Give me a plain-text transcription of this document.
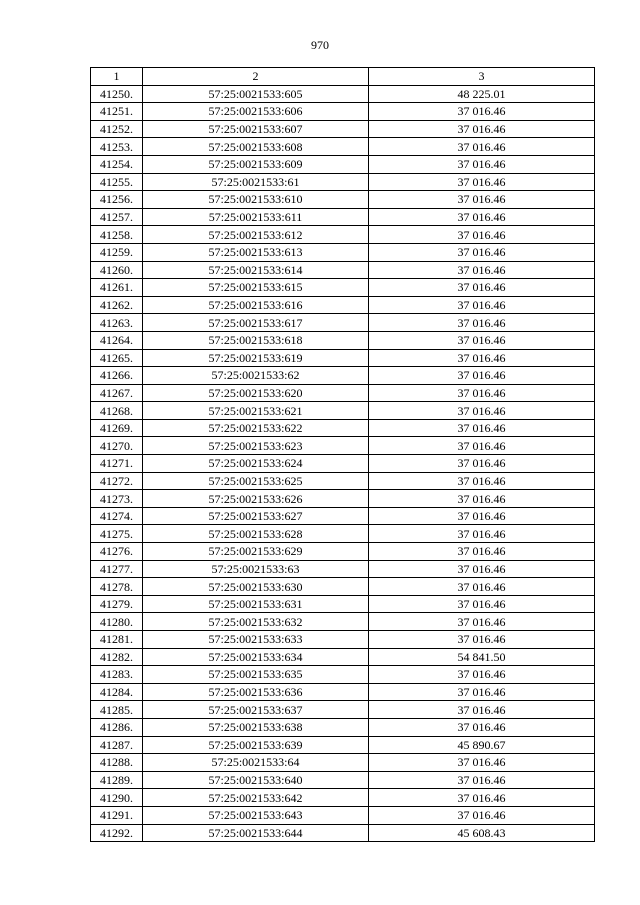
970
1	2	3
41250.	57:25:0021533:605	48 225.01
41251.	57:25:0021533:606	37 016.46
41252.	57:25:0021533:607	37 016.46
41253.	57:25:0021533:608	37 016.46
41254.	57:25:0021533:609	37 016.46
41255.	57:25:0021533:61	37 016.46
41256.	57:25:0021533:610	37 016.46
41257.	57:25:0021533:611	37 016.46
41258.	57:25:0021533:612	37 016.46
41259.	57:25:0021533:613	37 016.46
41260.	57:25:0021533:614	37 016.46
41261.	57:25:0021533:615	37 016.46
41262.	57:25:0021533:616	37 016.46
41263.	57:25:0021533:617	37 016.46
41264.	57:25:0021533:618	37 016.46
41265.	57:25:0021533:619	37 016.46
41266.	57:25:0021533:62	37 016.46
41267.	57:25:0021533:620	37 016.46
41268.	57:25:0021533:621	37 016.46
41269.	57:25:0021533:622	37 016.46
41270.	57:25:0021533:623	37 016.46
41271.	57:25:0021533:624	37 016.46
41272.	57:25:0021533:625	37 016.46
41273.	57:25:0021533:626	37 016.46
41274.	57:25:0021533:627	37 016.46
41275.	57:25:0021533:628	37 016.46
41276.	57:25:0021533:629	37 016.46
41277.	57:25:0021533:63	37 016.46
41278.	57:25:0021533:630	37 016.46
41279.	57:25:0021533:631	37 016.46
41280.	57:25:0021533:632	37 016.46
41281.	57:25:0021533:633	37 016.46
41282.	57:25:0021533:634	54 841.50
41283.	57:25:0021533:635	37 016.46
41284.	57:25:0021533:636	37 016.46
41285.	57:25:0021533:637	37 016.46
41286.	57:25:0021533:638	37 016.46
41287.	57:25:0021533:639	45 890.67
41288.	57:25:0021533:64	37 016.46
41289.	57:25:0021533:640	37 016.46
41290.	57:25:0021533:642	37 016.46
41291.	57:25:0021533:643	37 016.46
41292.	57:25:0021533:644	45 608.43
